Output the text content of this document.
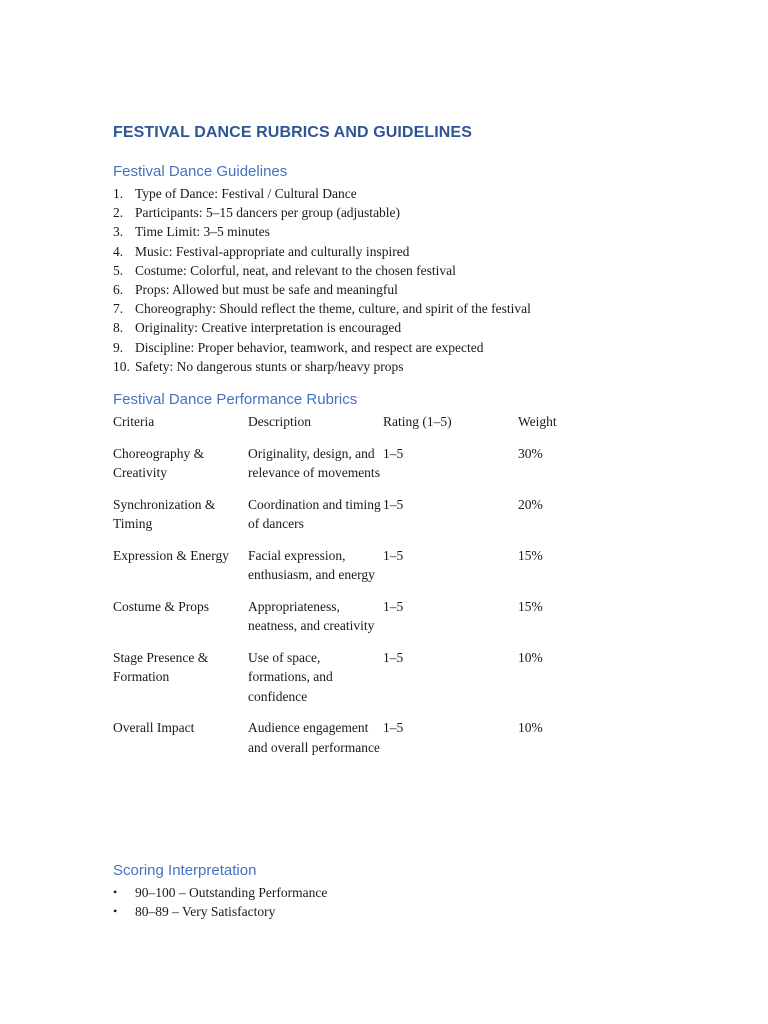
FESTIVAL DANCE RUBRICS AND GUIDELINES
Festival Dance Guidelines
1. Type of Dance: Festival / Cultural Dance
2. Participants: 5–15 dancers per group (adjustable)
3. Time Limit: 3–5 minutes
4. Music: Festival-appropriate and culturally inspired
5. Costume: Colorful, neat, and relevant to the chosen festival
6. Props: Allowed but must be safe and meaningful
7. Choreography: Should reflect the theme, culture, and spirit of the festival
8. Originality: Creative interpretation is encouraged
9. Discipline: Proper behavior, teamwork, and respect are expected
10. Safety: No dangerous stunts or sharp/heavy props
Festival Dance Performance Rubrics
Criteria	Description	Rating (1–5)	Weight
Choreography & Creativity	Originality, design, and relevance of movements	1–5	30%
Synchronization & Timing	Coordination and timing of dancers	1–5	20%
Expression & Energy	Facial expression, enthusiasm, and energy	1–5	15%
Costume & Props	Appropriateness, neatness, and creativity	1–5	15%
Stage Presence & Formation	Use of space, formations, and confidence	1–5	10%
Overall Impact	Audience engagement and overall performance	1–5	10%
Scoring Interpretation
•	90–100 – Outstanding Performance
•	80–89 – Very Satisfactory
